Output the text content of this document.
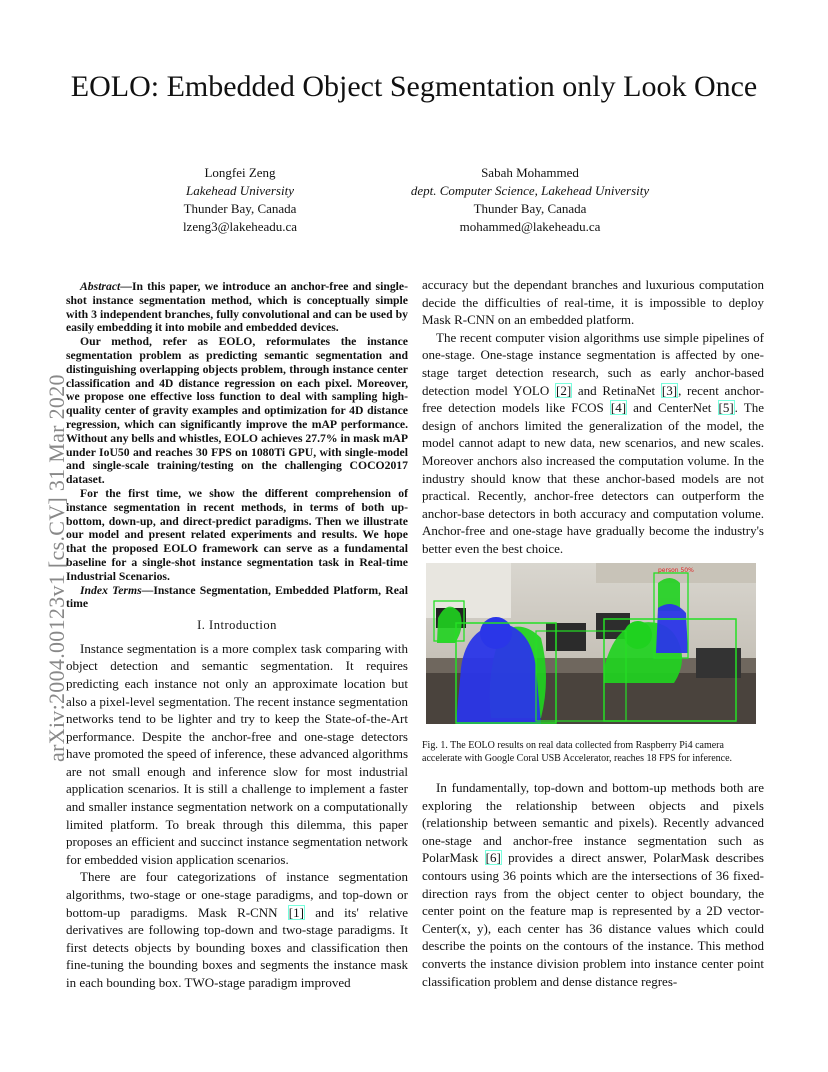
EOLO: Embedded Object Segmentation only Look Once
Longfei Zeng
Lakehead University
Thunder Bay, Canada
lzeng3@lakeheadu.ca
Sabah Mohammed
dept. Computer Science, Lakehead University
Thunder Bay, Canada
mohammed@lakeheadu.ca
arXiv:2004.00123v1 [cs.CV] 31 Mar 2020

Abstract—In this paper, we introduce an anchor-free and single-shot instance segmentation method, which is conceptually simple with 3 independent branches, fully convolutional and can be used by easily embedding it into mobile and embedded devices.

Our method, refer as EOLO, reformulates the instance segmentation problem as predicting semantic segmentation and distinguishing overlapping objects problem, through instance center classification and 4D distance regression on each pixel. Moreover, we propose one effective loss function to deal with sampling high-quality center of gravity examples and optimization for 4D distance regression, which can significantly improve the mAP performance. Without any bells and whistles, EOLO achieves 27.7% in mask mAP under IoU50 and reaches 30 FPS on 1080Ti GPU, with single-model and single-scale training/testing on the challenging COCO2017 dataset.

For the first time, we show the different comprehension of instance segmentation in recent methods, in terms of both up-bottom, down-up, and direct-predict paradigms. Then we illustrate our model and present related experiments and results. We hope that the proposed EOLO framework can serve as a fundamental baseline for a single-shot instance segmentation task in Real-time Industrial Scenarios.

Index Terms—Instance Segmentation, Embedded Platform, Real time

I. Introduction

Instance segmentation is a more complex task comparing with object detection and semantic segmentation. It requires predicting each instance not only an approximate location but also a pixel-level segmentation. The recent instance segmentation networks tend to be lighter and try to keep the State-of-the-Art performance. Despite the anchor-free and one-stage detectors have promoted the speed of inference, these advanced algorithms are not small enough and inference slow for most industrial application scenarios. It is still a challenge to implement a faster and smaller instance segmentation network on a computationally limited platform. To break through this dilemma, this paper proposes an efficient and succinct instance segmentation network for embedded vision application scenarios.

There are four categorizations of instance segmentation algorithms, two-stage or one-stage paradigms, and top-down or bottom-up paradigms. Mask R-CNN [1] and its' relative derivatives are following top-down and two-stage paradigms. It first detects objects by bounding boxes and classification then fine-tuning the bounding boxes and segments the instance mask in each bounding box. TWO-stage paradigm improved

accuracy but the dependant branches and luxurious computation decide the difficulties of real-time, it is impossible to deploy Mask R-CNN on an embedded platform.

The recent computer vision algorithms use simple pipelines of one-stage. One-stage instance segmentation is affected by one-stage target detection research, such as early anchor-based detection model YOLO [2] and RetinaNet [3], recent anchor-free detection models like FCOS [4] and CenterNet [5]. The design of anchors limited the generalization of the model, the model cannot adapt to new data, new scenarios, and new scales. Moreover anchors also increased the computation volume. In the industry should know that these anchor-based models are not practical. Recently, anchor-free detectors can outperform the anchor-base detectors in both accuracy and computation volume. Anchor-free and one-stage have gradually become the industry's better even the best choice.

person 50%
Fig. 1. The EOLO results on real data collected from Raspberry Pi4 camera accelerate with Google Coral USB Accelerator, reaches 18 FPS for inference.

In fundamentally, top-down and bottom-up methods both are exploring the relationship between objects and pixels (relationship between semantic and pixels). Recently advanced one-stage and anchor-free instance segmentation such as PolarMask [6] provides a direct answer, PolarMask describes contours using 36 points which are the intersections of 36 fixed-direction rays from the object center to object boundary, the center point on the feature map is represented by a 2D vector-Center(x, y), each center has 36 distance values which could describe the points on the contours of the instance. This method converts the instance division problem into instance center point classification problem and dense distance regres-
